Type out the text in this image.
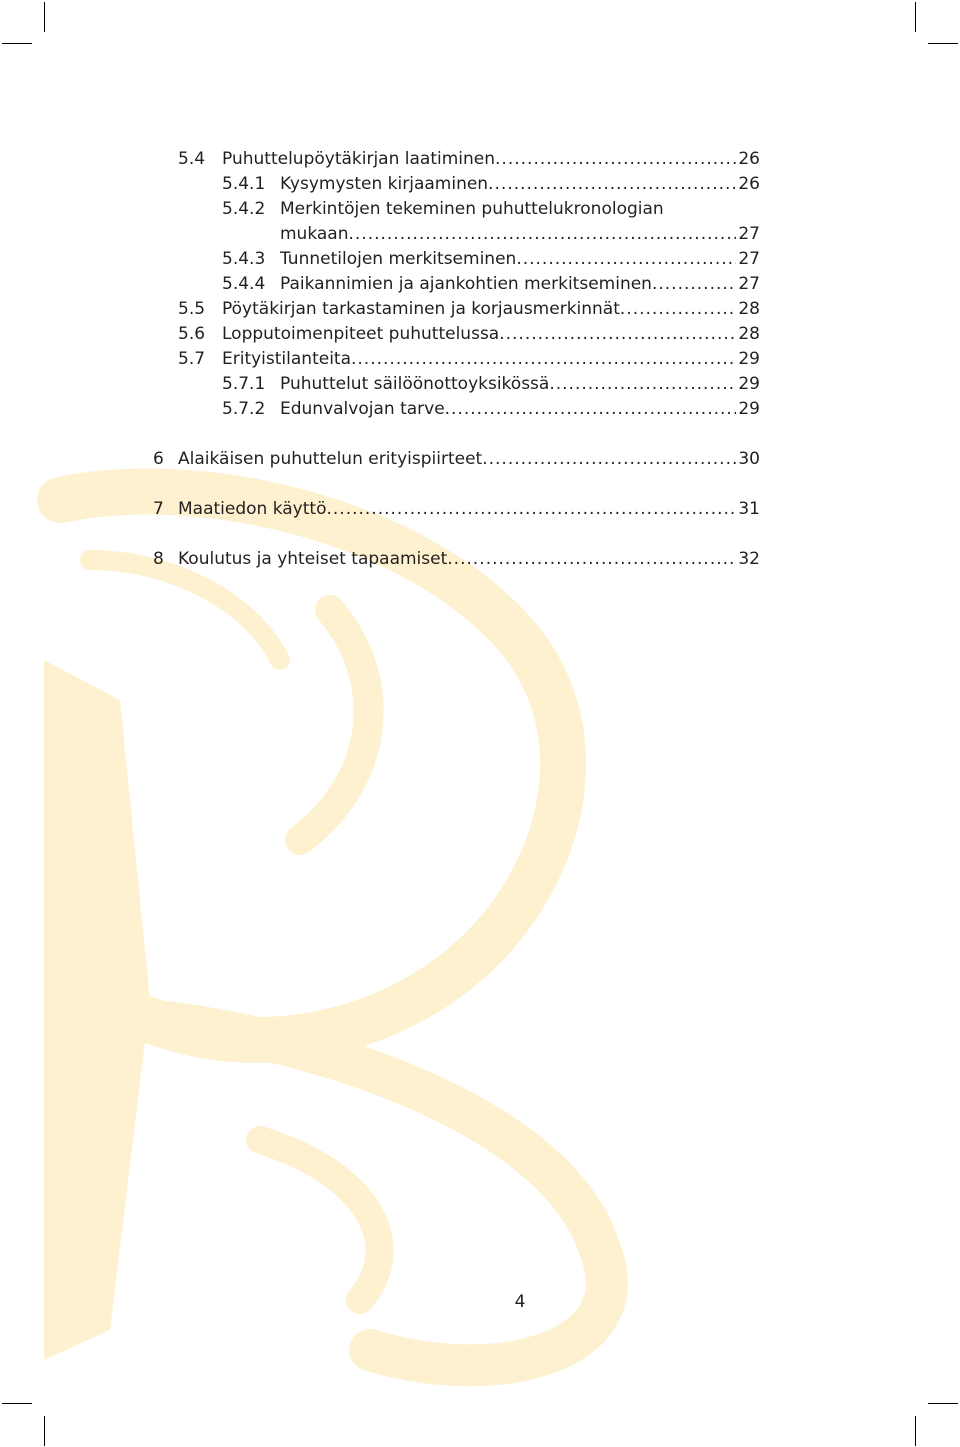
5.4 Puhuttelupöytäkirjan laatiminen .....	26
5.4.1 Kysymysten kirjaaminen .....	26
5.4.2 Merkintöjen tekeminen puhuttelukronologian
mukaan .....	27
5.4.3 Tunnetilojen merkitseminen .....	27
5.4.4 Paikannimien ja ajankohtien merkitseminen .....	27
5.5 Pöytäkirjan tarkastaminen ja korjausmerkinnät .....	28
5.6 Lopputoimenpiteet puhuttelussa .....	28
5.7 Erityistilanteita .....	29
5.7.1 Puhuttelut säilöönottoyksikössä .....	29
5.7.2 Edunvalvojan tarve .....	29
6 Alaikäisen puhuttelun erityispiirteet .....	30
7 Maatiedon käyttö .....	31
8 Koulutus ja yhteiset tapaamiset .....	32
4
